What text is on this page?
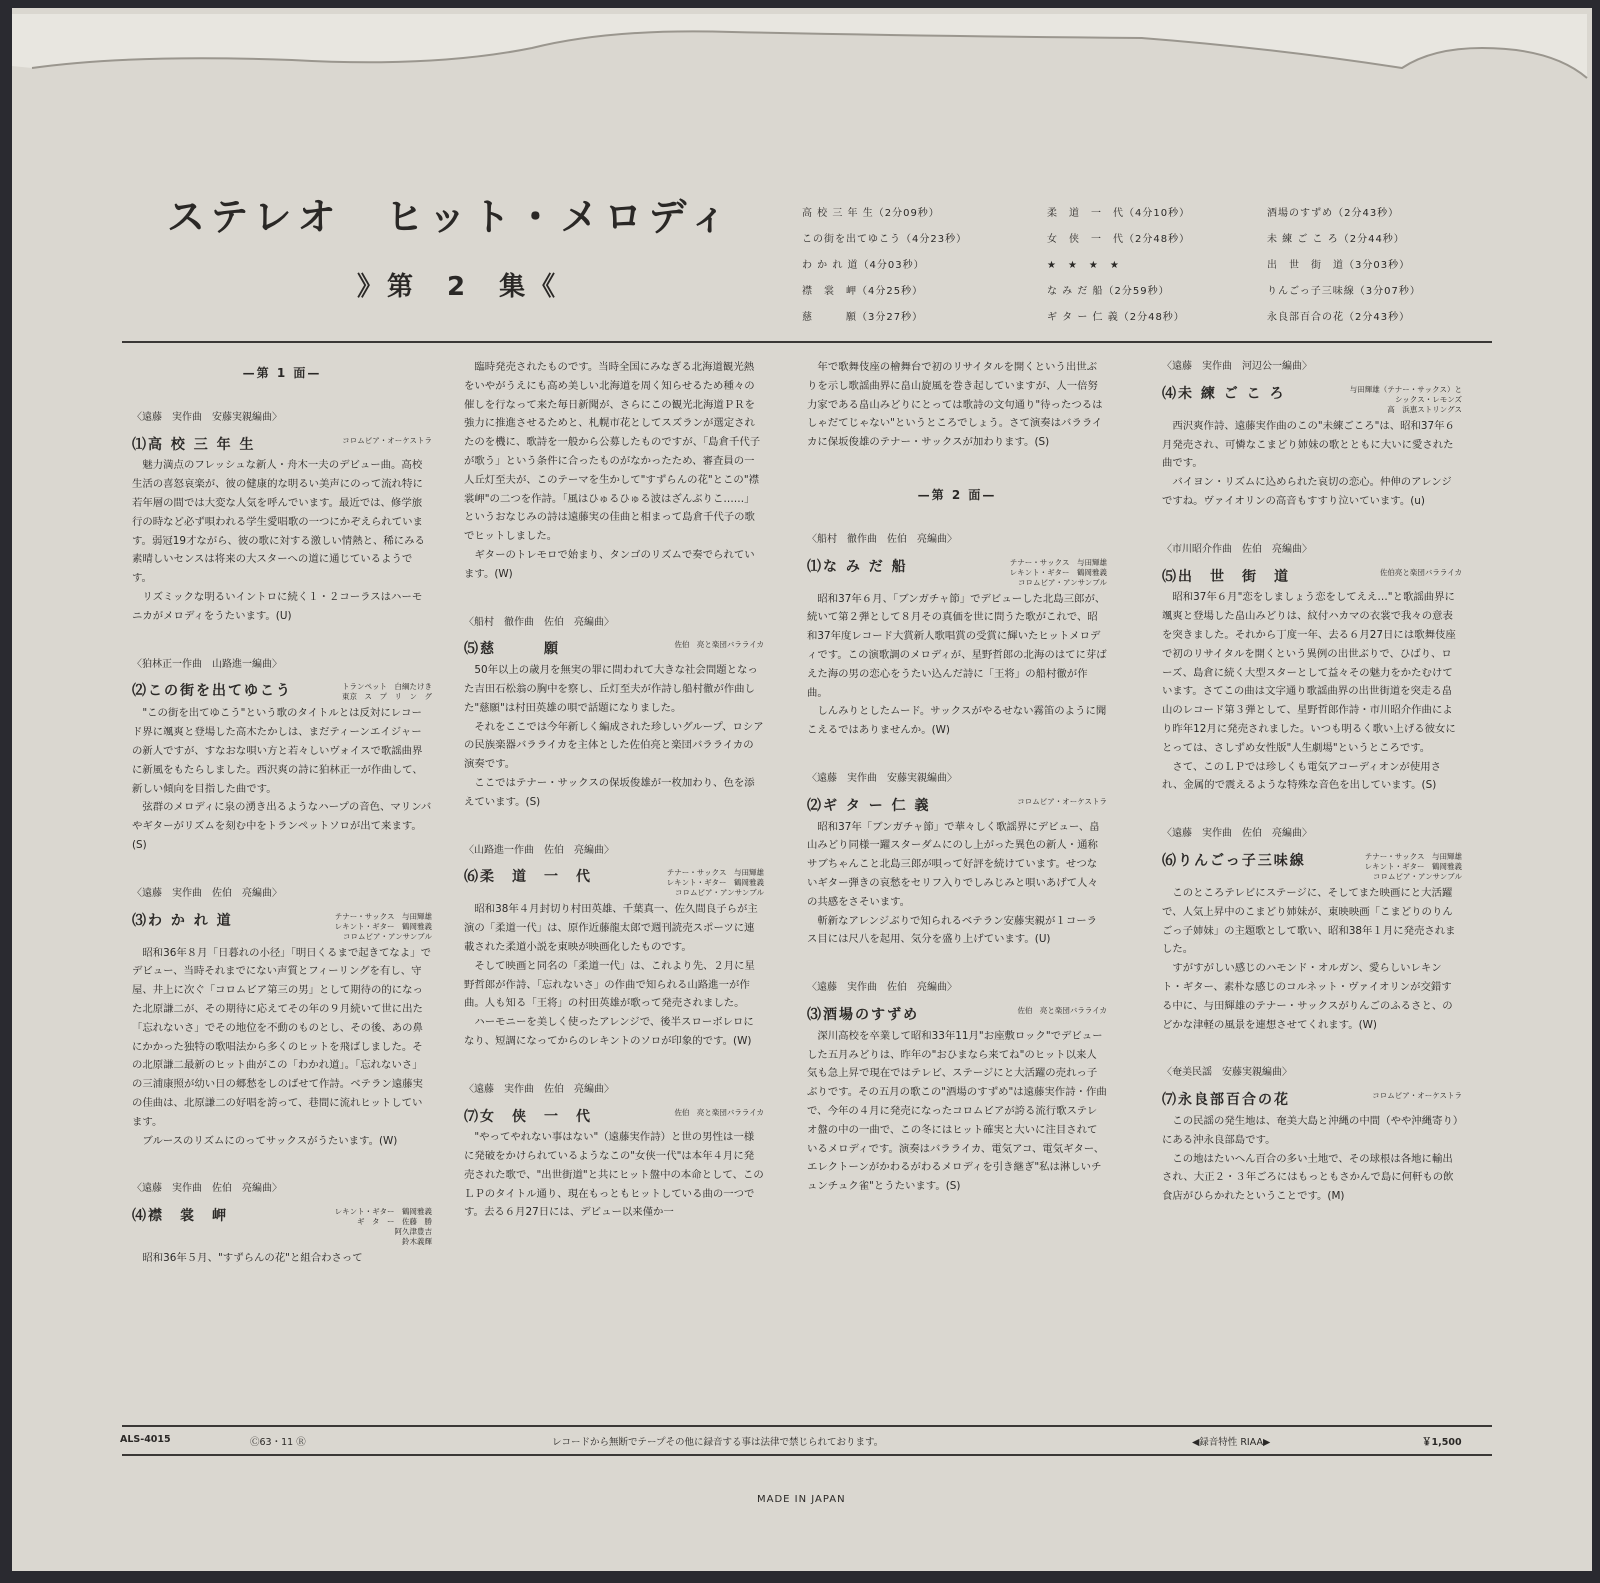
ステレオ　ヒット・メロディ
》第　2　集《
高 校 三 年 生（2分09秒）	柔　道　一　代（4分10秒）	酒場のすずめ（2分43秒）
この街を出てゆこう（4分23秒）	女　侠　一　代（2分48秒）	未 練 ご こ ろ（2分44秒）
わ か れ 道（4分03秒）	★　★　★　★	出　世　街　道（3分03秒）
襟　裳　岬（4分25秒）	な み だ 船（2分59秒）	りんごっ子三味線（3分07秒）
慈　　　願（3分27秒）	ギ タ ー 仁 義（2分48秒）	永良部百合の花（2分43秒）
—第 1 面—
〈遠藤　実作曲　安藤実親編曲〉
⑴高 校 三 年 生	コロムビア・オーケストラ

魅力満点のフレッシュな新人・舟木一夫のデビュー曲。高校生活の喜怒哀楽が、彼の健康的な明るい美声にのって流れ特に若年層の間では大変な人気を呼んでいます。最近では、修学旅行の時など必ず唄われる学生愛唱歌の一つにかぞえられています。弱冠19才ながら、彼の歌に対する激しい情熱と、稀にみる素晴しいセンスは将来の大スターへの道に通じているようです。

リズミックな明るいイントロに続く１・２コーラスはハーモニカがメロディをうたいます。(U)

〈狛林正一作曲　山路進一編曲〉
⑵この街を出てゆこう	トランペット　白綱たけき
東京　ス　プ　リ　ン　グ

"この街を出てゆこう"という歌のタイトルとは反対にレコード界に颯爽と登場した高木たかしは、まだティーンエイジャーの新人ですが、すなおな唄い方と若々しいヴォイスで歌謡曲界に新風をもたらしました。西沢爽の詩に狛林正一が作曲して、新しい傾向を目指した曲です。

弦群のメロディに泉の湧き出るようなハープの音色、マリンバやギターがリズムを刻む中をトランペットソロが出て来ます。(S)

〈遠藤　実作曲　佐伯　亮編曲〉
⑶わ か れ 道	テナー・サックス　与田輝雄
レキント・ギター　鶴岡雅義
コロムビア・アンサンブル

昭和36年８月「日暮れの小径」「明日くるまで起きてなよ」でデビュー、当時それまでにない声質とフィーリングを有し、守屋、井上に次ぐ「コロムビア第三の男」として期待の的になった北原謙二が、その期待に応えてその年の９月続いて世に出た「忘れないさ」でその地位を不動のものとし、その後、あの鼻にかかった独特の歌唱法から多くのヒットを飛ばしました。その北原謙二最新のヒット曲がこの「わかれ道」。「忘れないさ」の三浦康照が幼い日の郷愁をしのばせて作詩。ベテラン遠藤実の佳曲は、北原謙二の好唱を誇って、巷間に流れヒットしています。

ブルースのリズムにのってサックスがうたいます。(W)

〈遠藤　実作曲　佐伯　亮編曲〉
⑷襟　裳　岬	レキント・ギター　鶴岡雅義
ギ　タ　ー　佐藤　勝
阿久津豊吉
鈴木義輝

昭和36年５月、"すずらんの花"と組合わさって

臨時発売されたものです。当時全国にみなぎる北海道観光熱をいやがうえにも高め美しい北海道を周く知らせるため種々の催しを行なって来た毎日新聞が、さらにこの観光北海道ＰＲを強力に推進させるためと、札幌市花としてスズランが選定されたのを機に、歌詩を一般から公募したものですが、「島倉千代子が歌う」という条件に合ったものがなかったため、審査員の一人丘灯至夫が、このテーマを生かして"すずらんの花"とこの"襟裳岬"の二つを作詩。「風はひゅるひゅる波はざんぶりこ……」というおなじみの詩は遠藤実の佳曲と相まって島倉千代子の歌でヒットしました。

ギターのトレモロで始まり、タンゴのリズムで奏でられています。(W)

〈船村　徹作曲　佐伯　亮編曲〉
⑸慈　　　願	佐伯　亮と楽団バラライカ

50年以上の歳月を無実の罪に問われて大きな社会問題となった吉田石松翁の胸中を察し、丘灯至夫が作詩し船村徹が作曲した"慈願"は村田英雄の唄で話題になりました。

それをここでは今年新しく編成された珍しいグループ、ロシアの民族楽器バラライカを主体とした佐伯亮と楽団バラライカの演奏です。

ここではテナー・サックスの保坂俊雄が一枚加わり、色を添えています。(S)

〈山路進一作曲　佐伯　亮編曲〉
⑹柔　道　一　代	テナー・サックス　与田輝雄
レキント・ギター　鶴岡雅義
コロムビア・アンサンブル

昭和38年４月封切り村田英雄、千葉真一、佐久間良子らが主演の「柔道一代」は、原作近藤龍太郎で週刊読売スポーツに連載された柔道小説を東映が映画化したものです。

そして映画と同名の「柔道一代」は、これより先、２月に星野哲郎が作詩、「忘れないさ」の作曲で知られる山路進一が作曲。人も知る「王将」の村田英雄が歌って発売されました。

ハーモニーを美しく使ったアレンジで、後半スローボレロになり、短調になってからのレキントのソロが印象的です。(W)

〈遠藤　実作曲　佐伯　亮編曲〉
⑺女　侠　一　代	佐伯　亮と楽団バラライカ

"やってやれない事はない"（遠藤実作詩）と世の男性は一様に発破をかけられているようなこの"女侠一代"は本年４月に発売された歌で、"出世街道"と共にヒット盤中の本命として、このＬＰのタイトル通り、現在もっともヒットしている曲の一つです。去る６月27日には、デビュー以来僅か一

年で歌舞伎座の檜舞台で初のリサイタルを開くという出世ぶりを示し歌謡曲界に畠山旋風を巻き起していますが、人一倍努力家である畠山みどりにとっては歌詩の文句通り"待ったつるはしゃだてじゃない"というところでしょう。さて演奏はバラライカに保坂俊雄のテナー・サックスが加わります。(S)

—第 2 面—
〈船村　徹作曲　佐伯　亮編曲〉
⑴な み だ 船	テナー・サックス　与田輝雄
レキント・ギター　鶴岡雅義
コロムビア・アンサンブル

昭和37年６月、「ブンガチャ節」でデビューした北島三郎が、続いて第２弾として８月その真価を世に問うた歌がこれで、昭和37年度レコード大賞新人歌唱賞の受賞に輝いたヒットメロディです。この演歌調のメロディが、星野哲郎の北海のはてに芽ばえた海の男の恋心をうたい込んだ詩に「王将」の船村徹が作曲。

しんみりとしたムード。サックスがやるせない霧笛のように聞こえるではありませんか。(W)

〈遠藤　実作曲　安藤実親編曲〉
⑵ギ タ ー 仁 義	コロムビア・オーケストラ

昭和37年「ブンガチャ節」で華々しく歌謡界にデビュー、畠山みどり同様一躍スターダムにのし上がった異色の新人・通称サブちゃんこと北島三郎が唄って好評を続けています。せつないギター弾きの哀愁をセリフ入りでしみじみと唄いあげて人々の共感をさそいます。

斬新なアレンジぶりで知られるベテラン安藤実親が１コーラス目には尺八を起用、気分を盛り上げています。(U)

〈遠藤　実作曲　佐伯　亮編曲〉
⑶酒場のすずめ	佐伯　亮と楽団バラライカ

深川高校を卒業して昭和33年11月"お座敷ロック"でデビューした五月みどりは、昨年の"おひまなら来てね"のヒット以来人気も急上昇で現在ではテレビ、ステージにと大活躍の売れっ子ぶりです。その五月の歌この"酒場のすずめ"は遠藤実作詩・作曲で、今年の４月に発売になったコロムビアが誇る流行歌ステレオ盤の中の一曲で、この冬にはヒット確実と大いに注目されているメロディです。演奏はバラライカ、電気アコ、電気ギター、エレクトーンがかわるがわるメロディを引き継ぎ"私は淋しいチュンチュク雀"とうたいます。(S)

〈遠藤　実作曲　河辺公一編曲〉
⑷未 練 ご こ ろ	与田輝雄（テナー・サックス）と
シックス・レモンズ
高　浜恵ストリングス

西沢爽作詩、遠藤実作曲のこの"未練ごころ"は、昭和37年６月発売され、可憐なこまどり姉妹の歌とともに大いに愛された曲です。

バイヨン・リズムに込められた哀切の恋心。仲伸のアレンジですね。ヴァイオリンの高音もすすり泣いています。(u)

〈市川昭介作曲　佐伯　亮編曲〉
⑸出　世　街　道	佐伯亮と楽団バラライカ

昭和37年６月"恋をしましょう恋をしてええ…"と歌謡曲界に颯爽と登場した畠山みどりは、紋付ハカマの衣裳で我々の意表を突きました。それから丁度一年、去る６月27日には歌舞伎座で初のリサイタルを開くという異例の出世ぶりで、ひばり、ローズ、島倉に続く大型スターとして益々その魅力をかたむけています。さてこの曲は文字通り歌謡曲界の出世街道を突走る畠山のレコード第３弾として、星野哲郎作詩・市川昭介作曲により昨年12月に発売されました。いつも明るく歌い上げる彼女にとっては、さしずめ女性版"人生劇場"というところです。

さて、このＬＰでは珍しくも電気アコーディオンが使用され、金属的で震えるような特殊な音色を出しています。(S)

〈遠藤　実作曲　佐伯　亮編曲〉
⑹りんごっ子三味線	テナー・サックス　与田輝雄
レキント・ギター　鶴岡雅義
コロムビア・アンサンブル

このところテレビにステージに、そしてまた映画にと大活躍で、人気上昇中のこまどり姉妹が、東映映画「こまどりのりんごっ子姉妹」の主題歌として歌い、昭和38年１月に発売されました。

すがすがしい感じのハモンド・オルガン、愛らしいレキント・ギター、素朴な感じのコルネット・ヴァイオリンが交錯する中に、与田輝雄のテナー・サックスがりんごのふるさと、のどかな津軽の風景を連想させてくれます。(W)

〈奄美民謡　安藤実親編曲〉
⑺永良部百合の花	コロムビア・オーケストラ

この民謡の発生地は、奄美大島と沖縄の中間（やや沖縄寄り）にある沖永良部島です。

この地はたいへん百合の多い土地で、その球根は各地に輸出され、大正２・３年ごろにはもっともさかんで島に何軒もの飲食店がひらかれたということです。(M)

ALS-4015	Ⓒ63・11 Ⓡ	レコードから無断でテープその他に録音する事は法律で禁じられております。	◀録音特性 RIAA▶	￥1,500
MADE IN JAPAN
